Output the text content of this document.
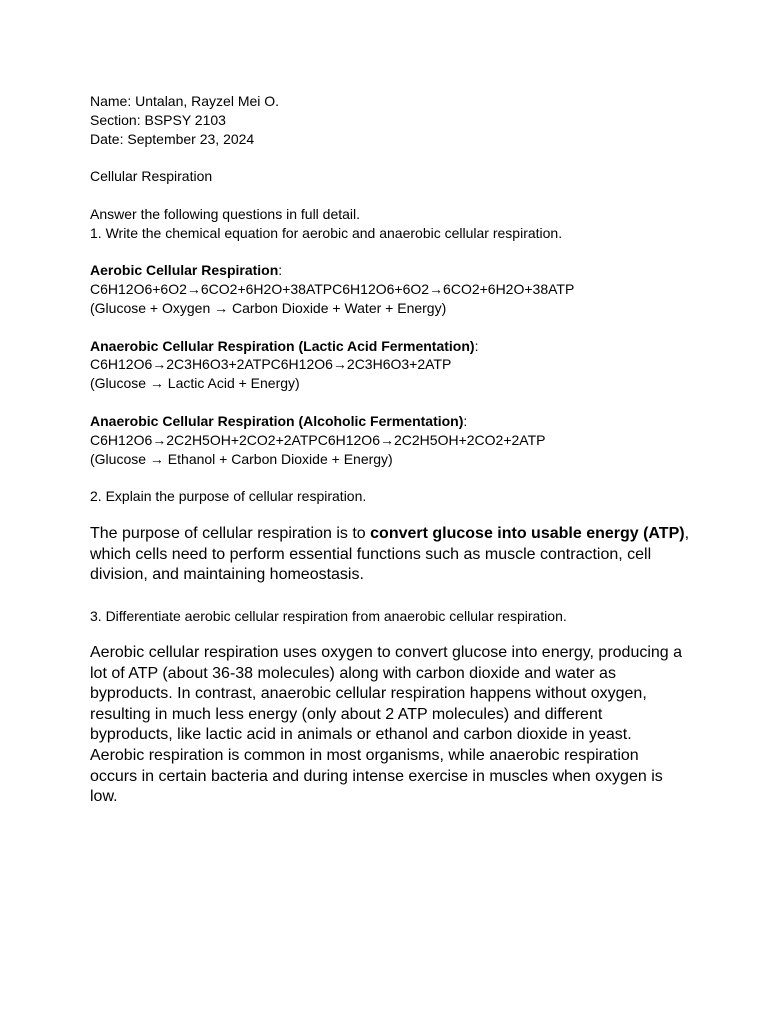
Name: Untalan, Rayzel Mei O.
Section: BSPSY 2103
Date: September 23, 2024
Cellular Respiration
Answer the following questions in full detail.
1. Write the chemical equation for aerobic and anaerobic cellular respiration.
Aerobic Cellular Respiration:
C6H12O6+6O2→6CO2+6H2O+38ATPC6H12O6+6O2→6CO2+6H2O+38ATP
(Glucose + Oxygen → Carbon Dioxide + Water + Energy)
Anaerobic Cellular Respiration (Lactic Acid Fermentation):
C6H12O6→2C3H6O3+2ATPC6H12O6→2C3H6O3+2ATP
(Glucose → Lactic Acid + Energy)
Anaerobic Cellular Respiration (Alcoholic Fermentation):
C6H12O6→2C2H5OH+2CO2+2ATPC6H12O6→2C2H5OH+2CO2+2ATP
(Glucose → Ethanol + Carbon Dioxide + Energy)
2. Explain the purpose of cellular respiration.
The purpose of cellular respiration is to convert glucose into usable energy (ATP), which cells need to perform essential functions such as muscle contraction, cell division, and maintaining homeostasis.
3. Differentiate aerobic cellular respiration from anaerobic cellular respiration.
Aerobic cellular respiration uses oxygen to convert glucose into energy, producing a lot of ATP (about 36-38 molecules) along with carbon dioxide and water as byproducts. In contrast, anaerobic cellular respiration happens without oxygen, resulting in much less energy (only about 2 ATP molecules) and different byproducts, like lactic acid in animals or ethanol and carbon dioxide in yeast. Aerobic respiration is common in most organisms, while anaerobic respiration occurs in certain bacteria and during intense exercise in muscles when oxygen is low.
